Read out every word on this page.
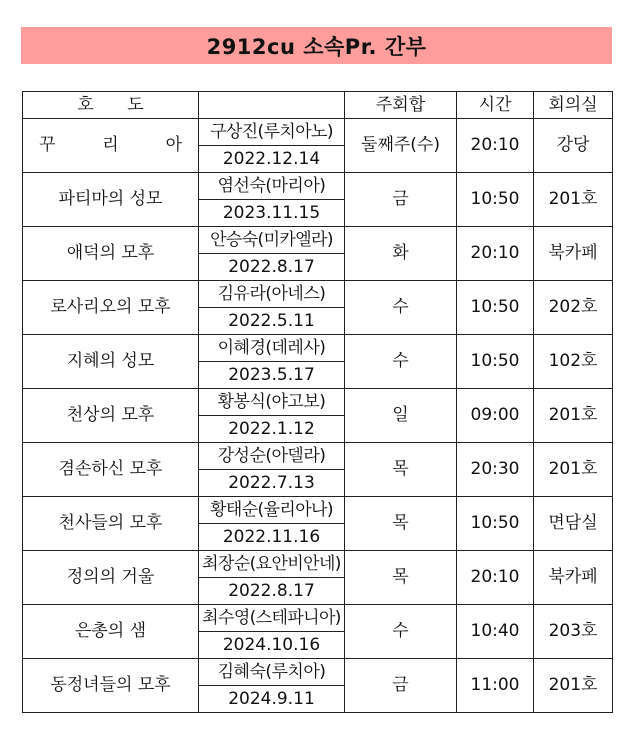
2912cu 소속Pr. 간부
호 도		주회합	시간	회의실
꾸 리 아	구상진(루치아노)	둘째주(수)	20:10	강당
	2022.12.14			
파티마의 성모	염선숙(마리아)	금	10:50	201호
	2023.11.15			
애덕의 모후	안승숙(미카엘라)	화	20:10	북카페
	2022.8.17			
로사리오의 모후	김유라(아네스)	수	10:50	202호
	2022.5.11			
지혜의 성모	이혜경(데레사)	수	10:50	102호
	2023.5.17			
천상의 모후	황봉식(야고보)	일	09:00	201호
	2022.1.12			
겸손하신 모후	강성순(아델라)	목	20:30	201호
	2022.7.13			
천사들의 모후	황태순(율리아나)	목	10:50	면담실
	2022.11.16			
정의의 거울	최장순(요안비안네)	목	20:10	북카페
	2022.8.17			
은총의 샘	최수영(스테파니아)	수	10:40	203호
	2024.10.16			
동정녀들의 모후	김혜숙(루치아)	금	11:00	201호
	2024.9.11			
